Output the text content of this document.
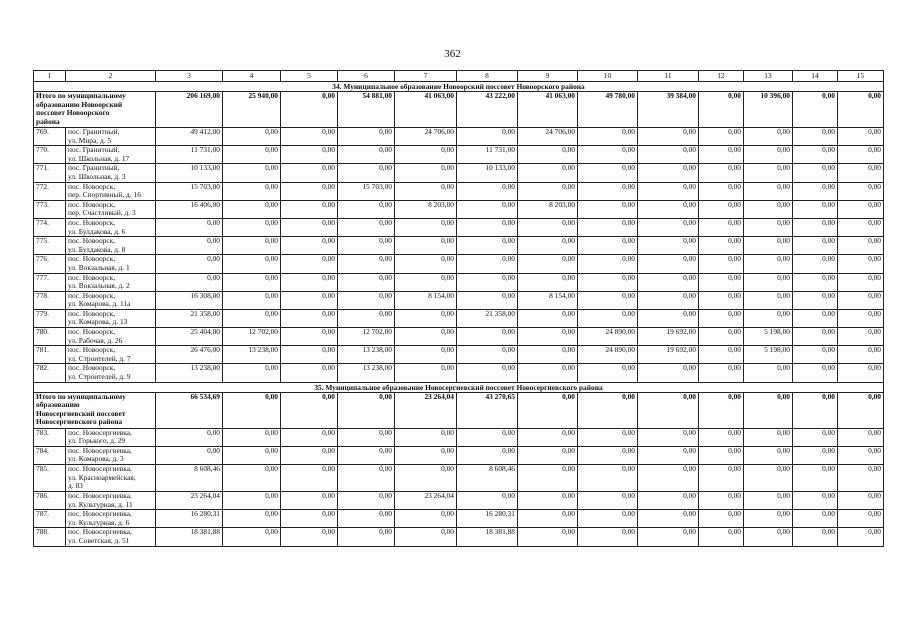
362
1	2	3	4	5	6	7	8	9	10	11	12	13	14	15
34. Муниципальное образование Новоорский поссовет Новоорского района														
Итого по муниципальному
образованию Новоорский
поссовет Новоорского
района		206 169,00	25 940,00	0,00	54 881,00	41 063,00	43 222,00	41 063,00	49 780,00	39 384,00	0,00	10 396,00	0,00	0,00
769.	пос. Гранитный,
ул. Мира, д. 5	49 412,00	0,00	0,00	0,00	24 706,00	0,00	24 706,00	0,00	0,00	0,00	0,00	0,00	0,00
770.	пос. Гранитный,
ул. Школьная, д. 17	11 731,00	0,00	0,00	0,00	0,00	11 731,00	0,00	0,00	0,00	0,00	0,00	0,00	0,00
771.	пос. Гранитный,
ул. Школьная, д. 3	10 133,00	0,00	0,00	0,00	0,00	10 133,00	0,00	0,00	0,00	0,00	0,00	0,00	0,00
772.	пос. Новоорск,
пер. Спортивный, д. 16	15 703,00	0,00	0,00	15 703,00	0,00	0,00	0,00	0,00	0,00	0,00	0,00	0,00	0,00
773.	пос. Новоорск,
пер. Счастливый, д. 3	16 406,00	0,00	0,00	0,00	8 203,00	0,00	8 203,00	0,00	0,00	0,00	0,00	0,00	0,00
774.	пос. Новоорск,
ул. Булдакова, д. 6	0,00	0,00	0,00	0,00	0,00	0,00	0,00	0,00	0,00	0,00	0,00	0,00	0,00
775.	пос. Новоорск,
ул. Булдакова, д. 8	0,00	0,00	0,00	0,00	0,00	0,00	0,00	0,00	0,00	0,00	0,00	0,00	0,00
776.	пос. Новоорск,
ул. Вокзальная, д. 1	0,00	0,00	0,00	0,00	0,00	0,00	0,00	0,00	0,00	0,00	0,00	0,00	0,00
777.	пос. Новоорск,
ул. Вокзальная, д. 2	0,00	0,00	0,00	0,00	0,00	0,00	0,00	0,00	0,00	0,00	0,00	0,00	0,00
778.	пос. Новоорск,
ул. Комарова, д. 11а	16 308,00	0,00	0,00	0,00	8 154,00	0,00	8 154,00	0,00	0,00	0,00	0,00	0,00	0,00
779.	пос. Новоорск,
ул. Комарова, д. 13	21 358,00	0,00	0,00	0,00	0,00	21 358,00	0,00	0,00	0,00	0,00	0,00	0,00	0,00
780.	пос. Новоорск,
ул. Рабочая, д. 26	25 404,00	12 702,00	0,00	12 702,00	0,00	0,00	0,00	24 890,00	19 692,00	0,00	5 198,00	0,00	0,00
781.	пос. Новоорск,
ул. Строителей, д. 7	26 476,00	13 238,00	0,00	13 238,00	0,00	0,00	0,00	24 890,00	19 692,00	0,00	5 198,00	0,00	0,00
782.	пос. Новоорск,
ул. Строителей, д. 9	13 238,00	0,00	0,00	13 238,00	0,00	0,00	0,00	0,00	0,00	0,00	0,00	0,00	0,00
35. Муниципальное образование Новосергиевский поссовет Новосергиевского района														
Итого по муниципальному
образованию
Новосергиевский поссовет
Новосергиевского района		66 534,69	0,00	0,00	0,00	23 264,04	43 270,65	0,00	0,00	0,00	0,00	0,00	0,00	0,00
783.	пос. Новосергиевка,
ул. Горького, д. 29	0,00	0,00	0,00	0,00	0,00	0,00	0,00	0,00	0,00	0,00	0,00	0,00	0,00
784.	пос. Новосергиевка,
ул. Комарова, д. 3	0,00	0,00	0,00	0,00	0,00	0,00	0,00	0,00	0,00	0,00	0,00	0,00	0,00
785.	пос. Новосергиевка,
ул. Красноармейская,
д. 83	8 608,46	0,00	0,00	0,00	0,00	8 608,46	0,00	0,00	0,00	0,00	0,00	0,00	0,00
786.	пос. Новосергиевка,
ул. Культурная, д. 11	23 264,04	0,00	0,00	0,00	23 264,04	0,00	0,00	0,00	0,00	0,00	0,00	0,00	0,00
787.	пос. Новосергиевка,
ул. Культурная, д. 6	16 280,31	0,00	0,00	0,00	0,00	16 280,31	0,00	0,00	0,00	0,00	0,00	0,00	0,00
788.	пос. Новосергиевка,
ул. Советская, д. 51	18 381,88	0,00	0,00	0,00	0,00	18 381,88	0,00	0,00	0,00	0,00	0,00	0,00	0,00
